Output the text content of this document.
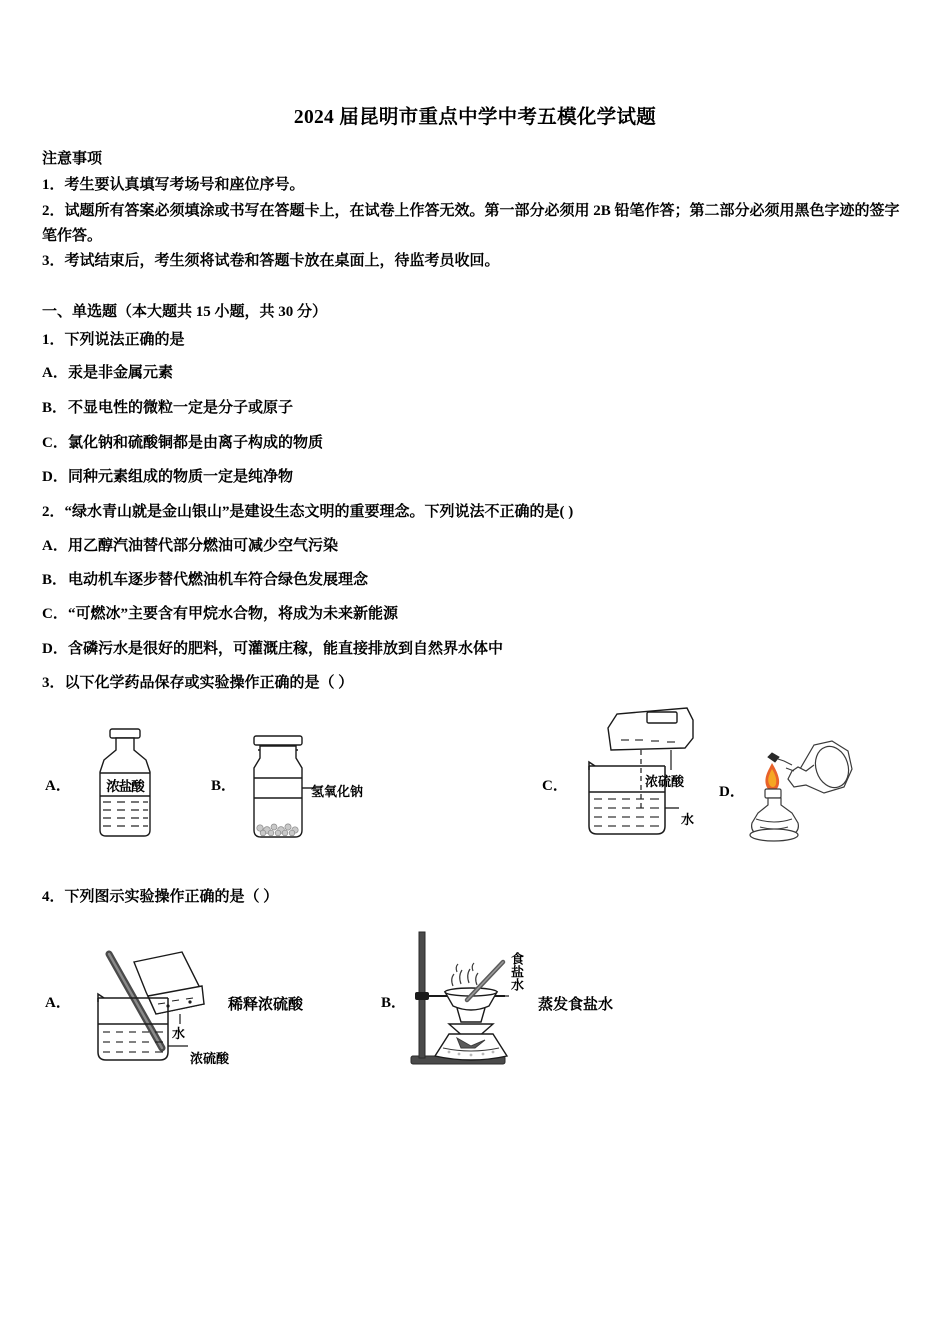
2024 届昆明市重点中学中考五模化学试题
注意事项
1．考生要认真填写考场号和座位序号。
2．试题所有答案必须填涂或书写在答题卡上，在试卷上作答无效。第一部分必须用 2B 铅笔作答；第二部分必须用黑色字迹的签字笔作答。
3．考试结束后，考生须将试卷和答题卡放在桌面上，待监考员收回。
一、单选题（本大题共 15 小题，共 30 分）
1．下列说法正确的是
A．汞是非金属元素
B．不显电性的微粒一定是分子或原子
C．氯化钠和硫酸铜都是由离子构成的物质
D．同种元素组成的物质一定是纯净物
2．“绿水青山就是金山银山”是建设生态文明的重要理念。下列说法不正确的是( )
A．用乙醇汽油替代部分燃油可减少空气污染
B．电动机车逐步替代燃油机车符合绿色发展理念
C．“可燃冰”主要含有甲烷水合物，将成为未来新能源
D．含磷污水是很好的肥料，可灌溉庄稼，能直接排放到自然界水体中
3．以下化学药品保存或实验操作正确的是（ ）
A．	浓盐酸	B．	氢氧化钠	C．	浓硫酸
水
D．
4．下列图示实验操作正确的是（ ）
A．
水
浓硫酸
稀释浓硫酸	B．
食盐水
蒸发食盐水
